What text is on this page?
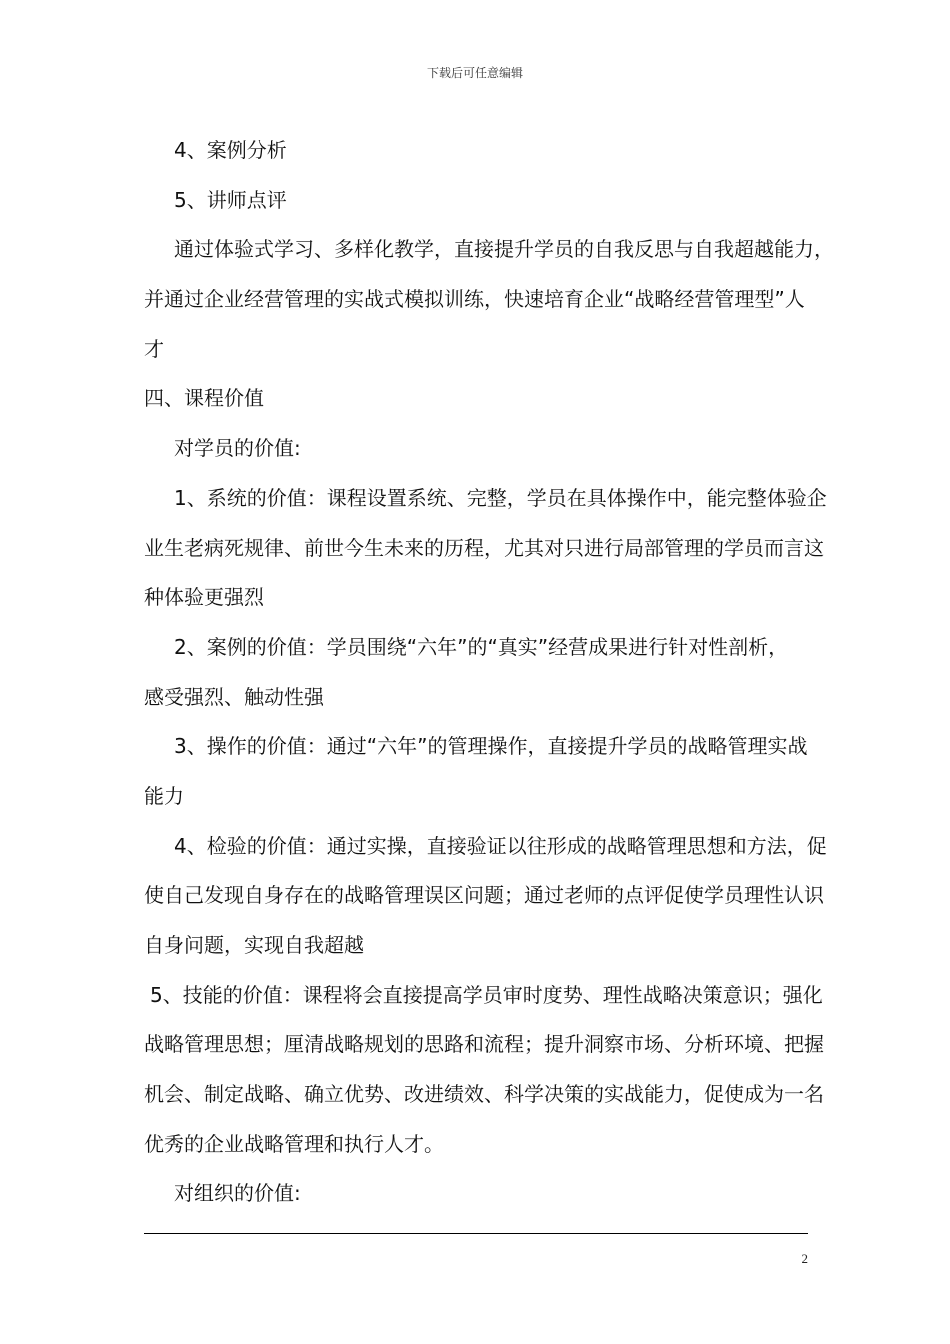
下载后可任意编辑
4、案例分析
5、讲师点评
通过体验式学习、多样化教学，直接提升学员的自我反思与自我超越能力，
并通过企业经营管理的实战式模拟训练，快速培育企业“战略经营管理型”人
才
四、课程价值
对学员的价值:
1、系统的价值：课程设置系统、完整，学员在具体操作中，能完整体验企
业生老病死规律、前世今生未来的历程，尤其对只进行局部管理的学员而言这
种体验更强烈
2、案例的价值：学员围绕“六年”的“真实”经营成果进行针对性剖析，
感受强烈、触动性强
3、操作的价值：通过“六年”的管理操作，直接提升学员的战略管理实战
能力
4、检验的价值：通过实操，直接验证以往形成的战略管理思想和方法，促
使自己发现自身存在的战略管理误区问题；通过老师的点评促使学员理性认识
自身问题，实现自我超越
5、技能的价值：课程将会直接提高学员审时度势、理性战略决策意识；强化
战略管理思想；厘清战略规划的思路和流程；提升洞察市场、分析环境、把握
机会、制定战略、确立优势、改进绩效、科学决策的实战能力，促使成为一名
优秀的企业战略管理和执行人才。
对组织的价值:
2
